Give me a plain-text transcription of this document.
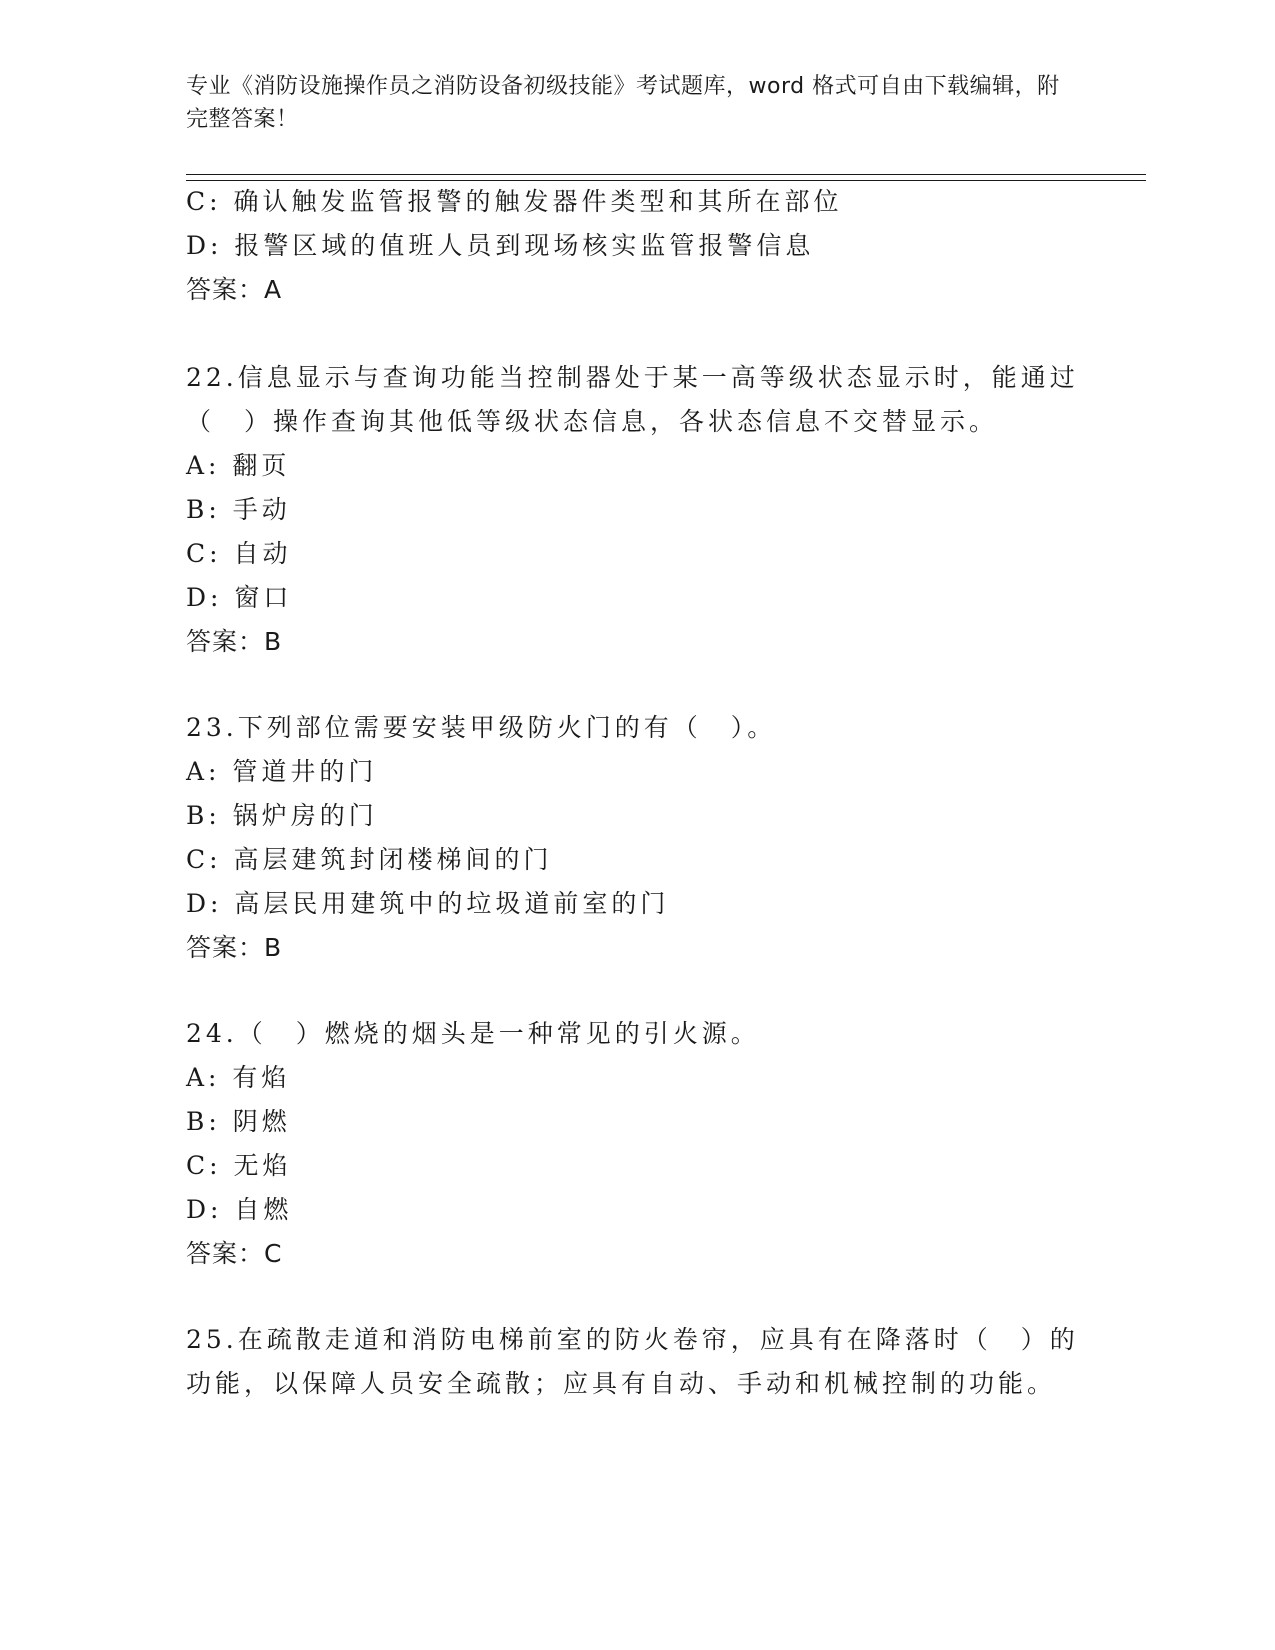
专业《消防设施操作员之消防设备初级技能》考试题库，word 格式可自由下载编辑，附完整答案！
C: 确认触发监管报警的触发器件类型和其所在部位
D: 报警区域的值班人员到现场核实监管报警信息
答案：A
22.信息显示与查询功能当控制器处于某一高等级状态显示时，能通过
（　）操作查询其他低等级状态信息，各状态信息不交替显示。
A: 翻页
B: 手动
C: 自动
D: 窗口
答案：B
23.下列部位需要安装甲级防火门的有（　）。
A: 管道井的门
B: 锅炉房的门
C: 高层建筑封闭楼梯间的门
D: 高层民用建筑中的垃圾道前室的门
答案：B
24.（　）燃烧的烟头是一种常见的引火源。
A: 有焰
B: 阴燃
C: 无焰
D: 自燃
答案：C
25.在疏散走道和消防电梯前室的防火卷帘，应具有在降落时（　）的
功能，以保障人员安全疏散；应具有自动、手动和机械控制的功能。
